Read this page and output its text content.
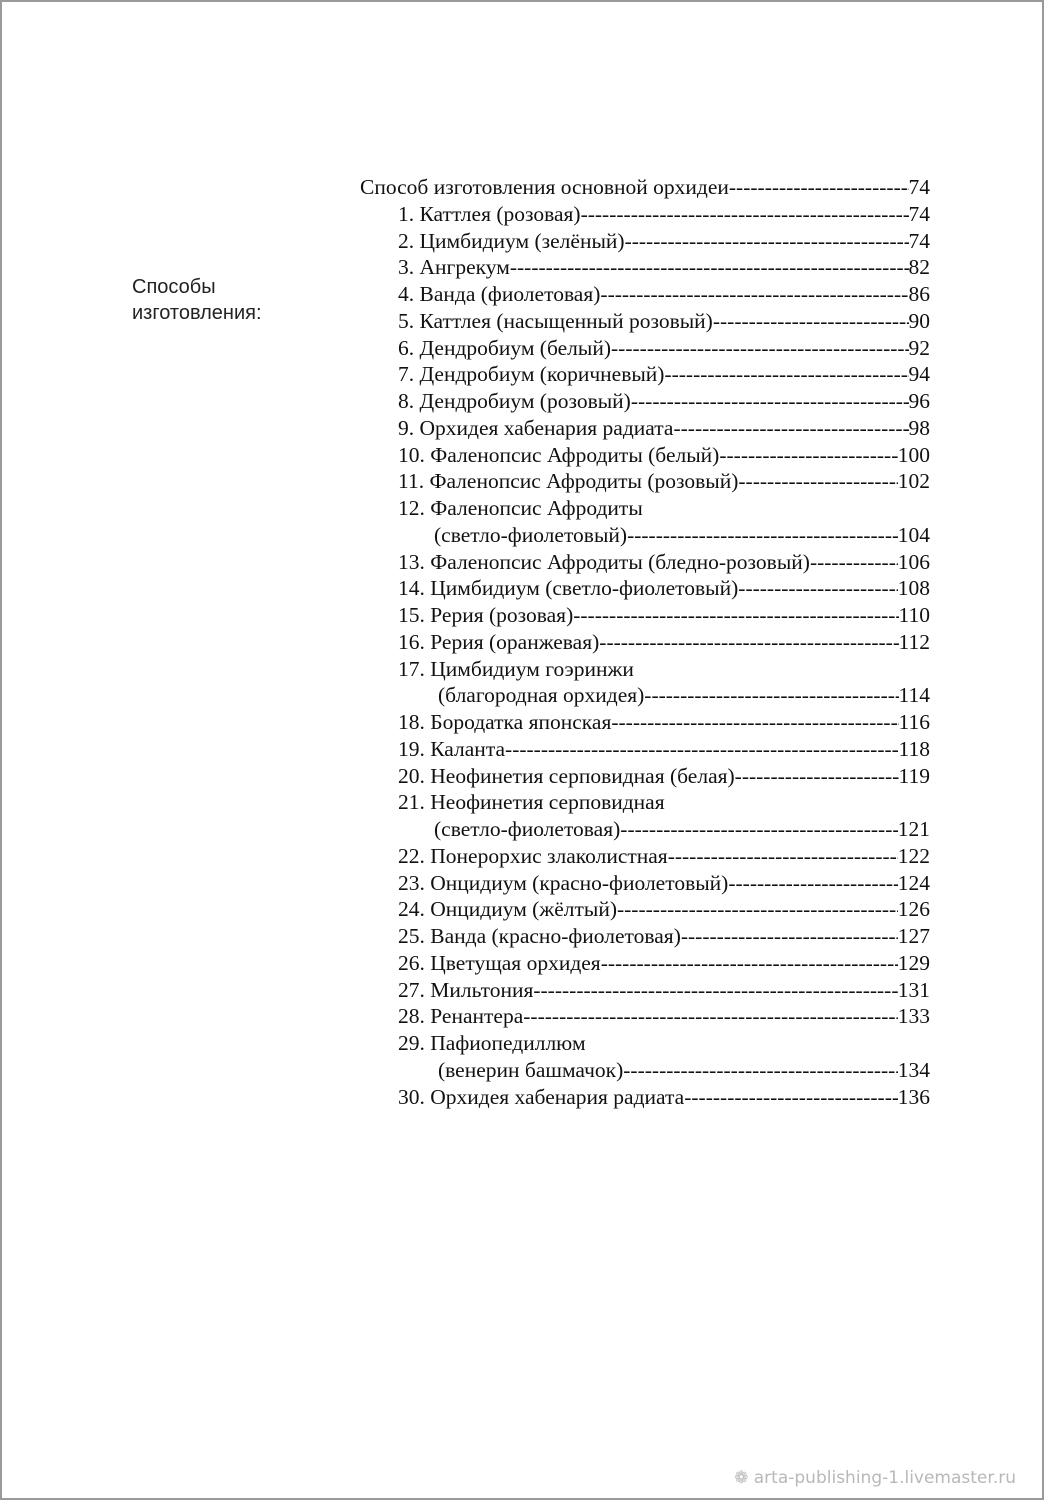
Способы
изготовления:
Способ изготовления основной орхидеи -----	74
1. Каттлея (розовая) -----	74
2. Цимбидиум (зелёный) -----	74
3. Ангрекум -----	82
4. Ванда (фиолетовая) -----	86
5. Каттлея (насыщенный розовый) -----	90
6. Дендробиум (белый) -----	92
7. Дендробиум (коричневый) -----	94
8. Дендробиум (розовый) -----	96
9. Орхидея хабенария радиата -----	98
10. Фаленопсис Афродиты (белый) -----	100
11. Фаленопсис Афродиты (розовый) -----	102
12. Фаленопсис Афродиты
(светло-фиолетовый) -----	104
13. Фаленопсис Афродиты (бледно-розовый) -----	106
14. Цимбидиум (светло-фиолетовый) -----	108
15. Рерия (розовая) -----	110
16. Рерия (оранжевая) -----	112
17. Цимбидиум гоэринжи
(благородная орхидея) -----	114
18. Бородатка японская -----	116
19. Каланта -----	118
20. Неофинетия серповидная (белая) -----	119
21. Неофинетия серповидная
(светло-фиолетовая) -----	121
22. Понерорхис злаколистная -----	122
23. Онцидиум (красно-фиолетовый) -----	124
24. Онцидиум (жёлтый) -----	126
25. Ванда (красно-фиолетовая) -----	127
26. Цветущая орхидея -----	129
27. Мильтония -----	131
28. Ренантера -----	133
29. Пафиопедиллюм
(венерин башмачок) -----	134
30. Орхидея хабенария радиата -----	136
❁ arta-publishing-1.livemaster.ru
